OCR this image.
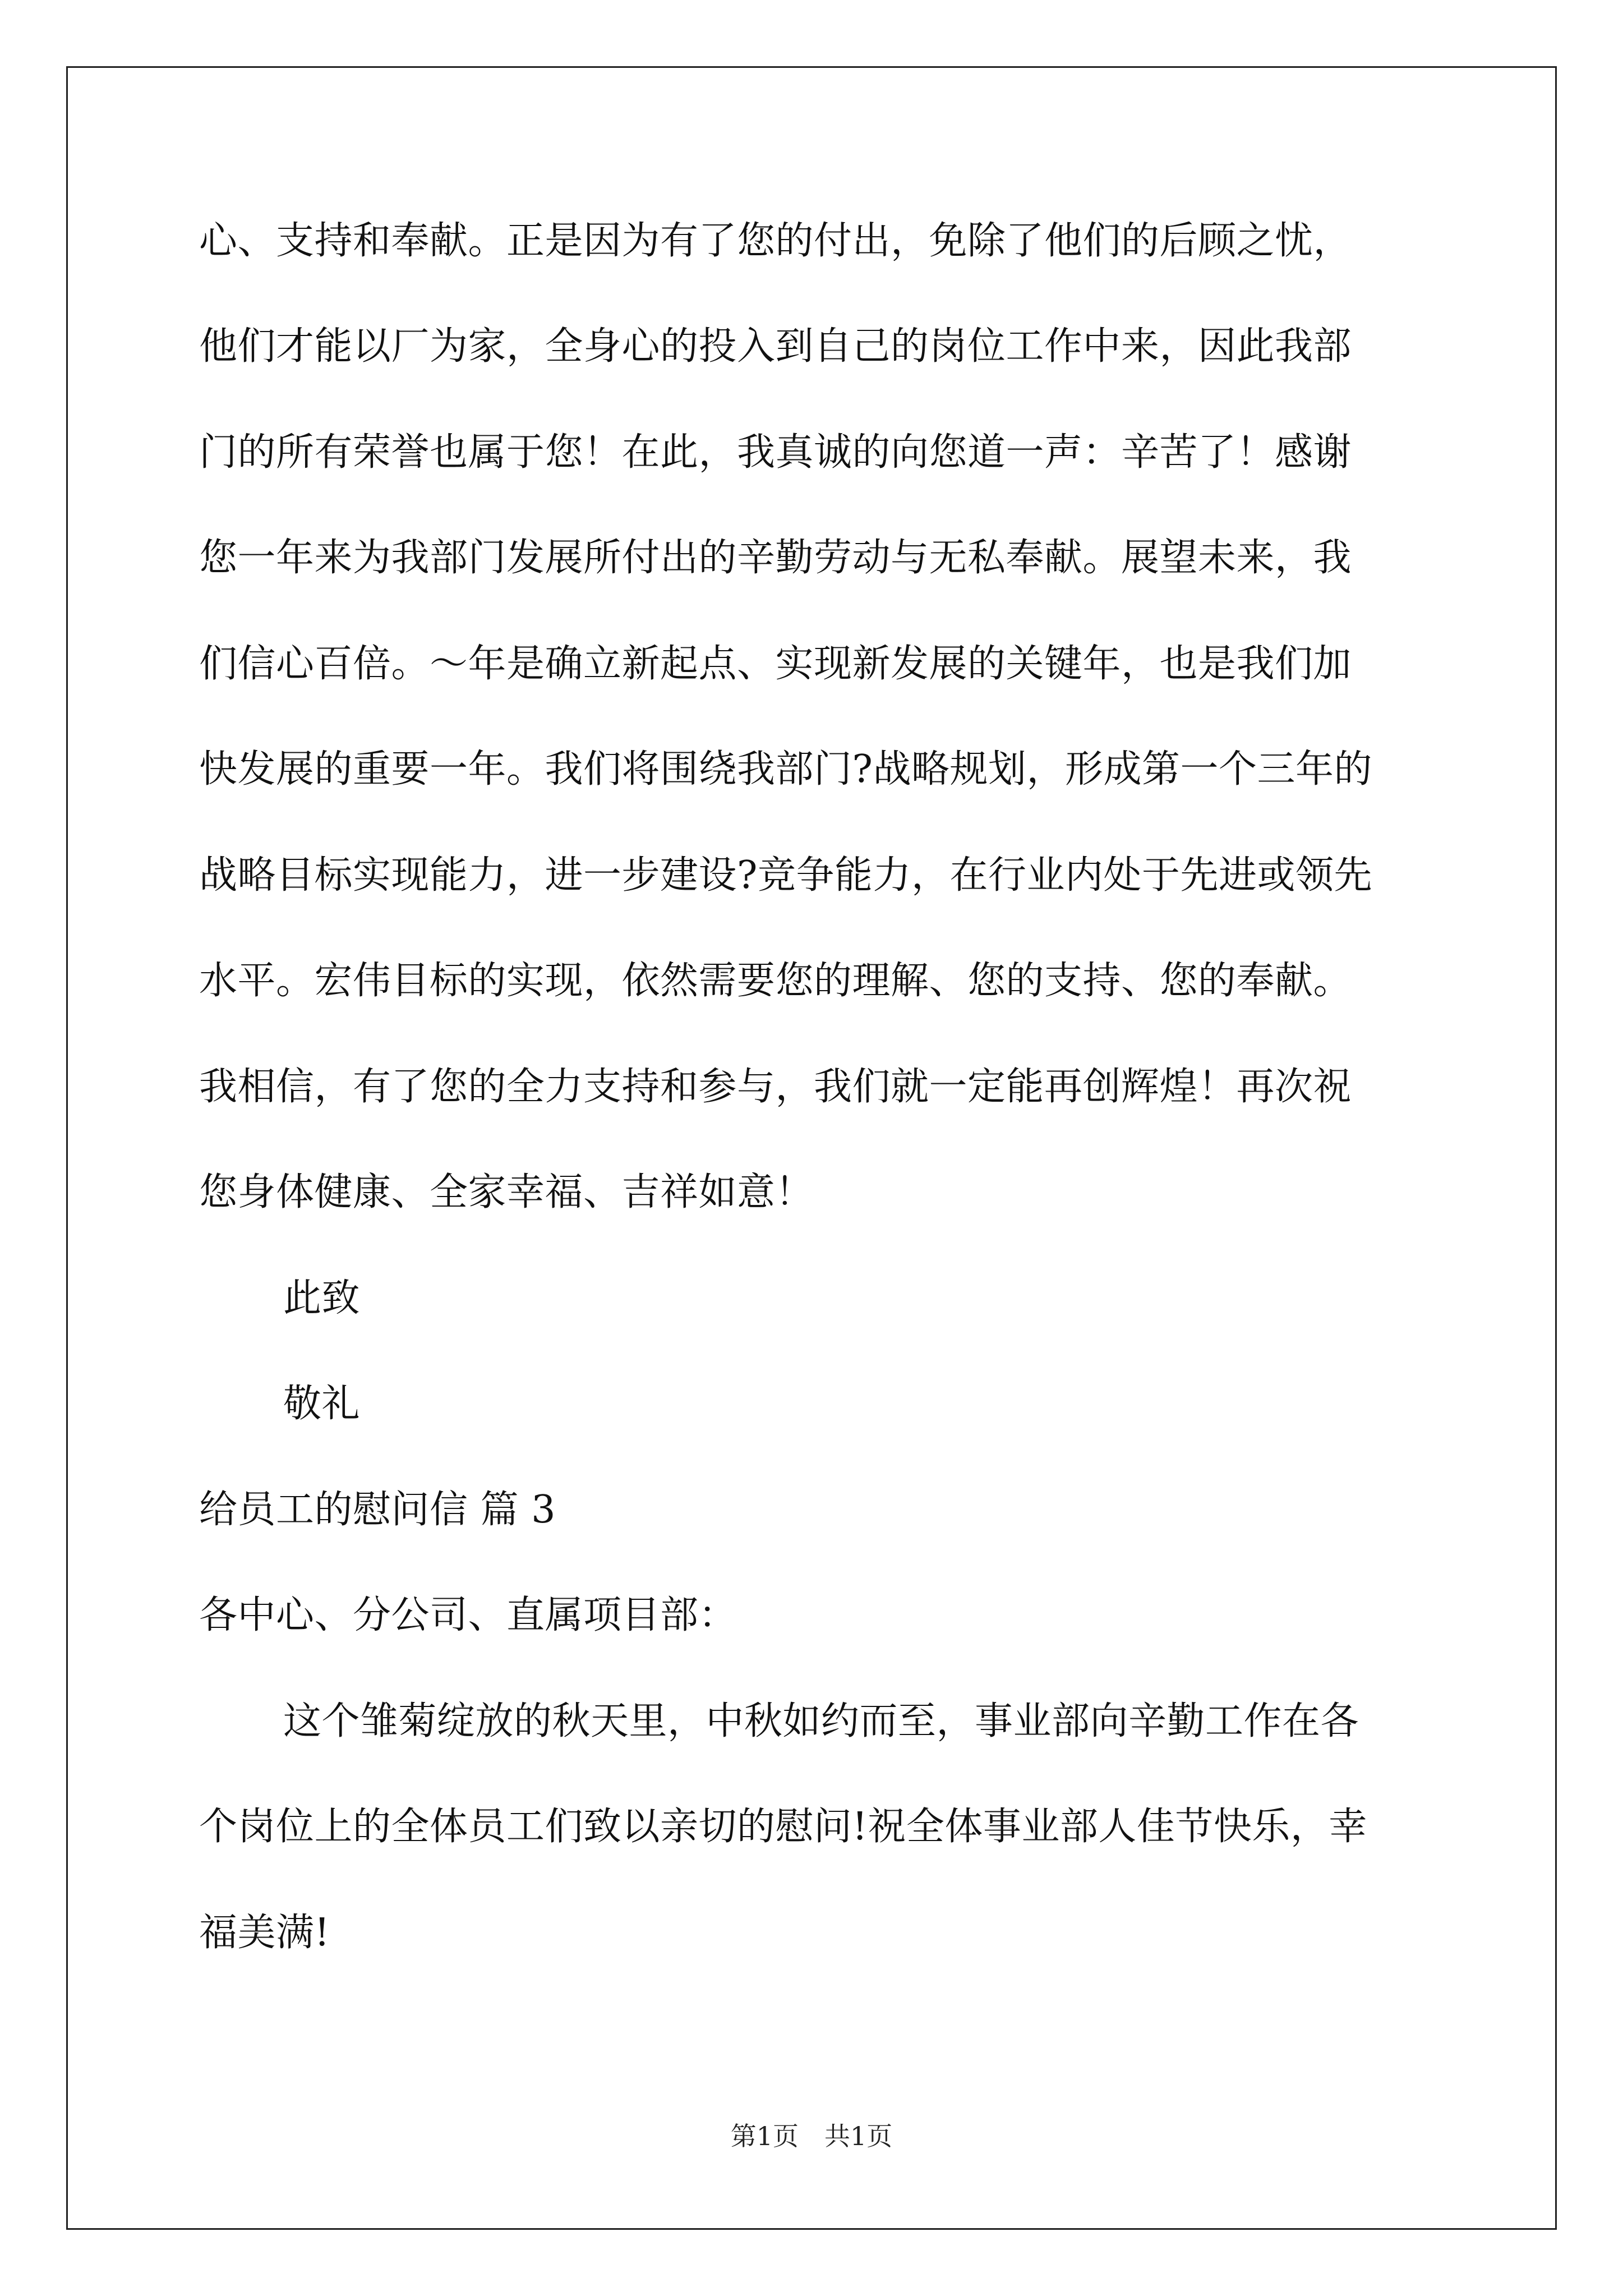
心、支持和奉献。正是因为有了您的付出，免除了他们的后顾之忧，
他们才能以厂为家，全身心的投入到自己的岗位工作中来，因此我部
门的所有荣誉也属于您！在此，我真诚的向您道一声：辛苦了！感谢
您一年来为我部门发展所付出的辛勤劳动与无私奉献。展望未来，我
们信心百倍。～年是确立新起点、实现新发展的关键年，也是我们加
快发展的重要一年。我们将围绕我部门?战略规划，形成第一个三年的
战略目标实现能力，进一步建设?竞争能力，在行业内处于先进或领先
水平。宏伟目标的实现，依然需要您的理解、您的支持、您的奉献。
我相信，有了您的全力支持和参与，我们就一定能再创辉煌！再次祝
您身体健康、全家幸福、吉祥如意！
此致
敬礼
给员工的慰问信 篇 3
各中心、分公司、直属项目部：
这个雏菊绽放的秋天里，中秋如约而至，事业部向辛勤工作在各
个岗位上的全体员工们致以亲切的慰问!祝全体事业部人佳节快乐，幸
福美满!
第1页　共1页
